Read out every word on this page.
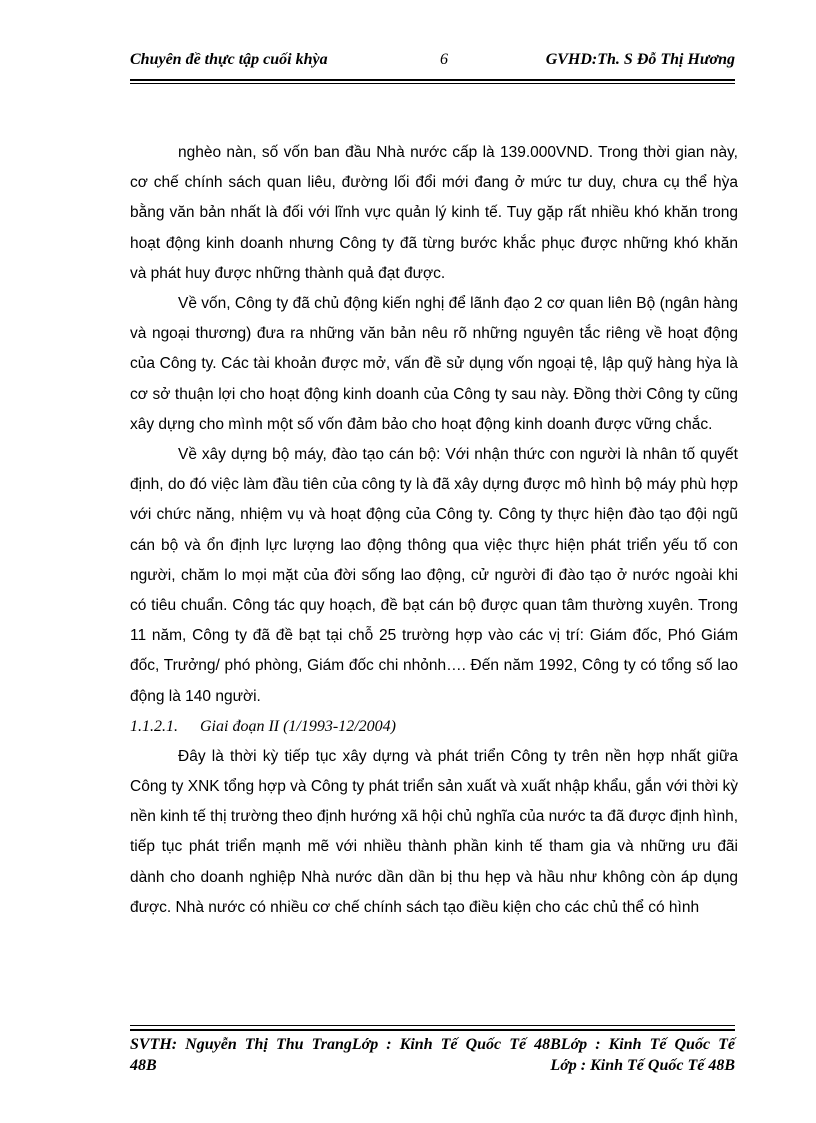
Chuyên đề thực tập cuối khỳa	6	GVHD:Th. S Đỗ Thị Hương

nghèo nàn, số vốn ban đầu Nhà nước cấp là 139.000VND. Trong thời gian này, cơ chế chính sách quan liêu, đường lối đổi mới đang ở mức tư duy, chưa cụ thể hỳa bằng văn bản nhất là đối với lĩnh vực quản lý kinh tế. Tuy gặp rất nhiều khó khăn trong hoạt động kinh doanh nhưng Công ty đã từng bước khắc phục được những khó khăn và phát huy được những thành quả đạt được.

Về vốn, Công ty đã chủ động kiến nghị để lãnh đạo 2 cơ quan liên Bộ (ngân hàng và ngoại thương) đưa ra những văn bản nêu rõ những nguyên tắc riêng về hoạt động của Công ty. Các tài khoản được mở, vấn đề sử dụng vốn ngoại tệ, lập quỹ hàng hỳa là cơ sở thuận lợi cho hoạt động kinh doanh của Công ty sau này. Đồng thời Công ty cũng xây dựng cho mình một số vốn đảm bảo cho hoạt động kinh doanh được vững chắc.

Về xây dựng bộ máy, đào tạo cán bộ: Với nhận thức con người là nhân tố quyết định, do đó việc làm đầu tiên của công ty là đã xây dựng được mô hình bộ máy phù hợp với chức năng, nhiệm vụ và hoạt động của Công ty. Công ty thực hiện đào tạo đội ngũ cán bộ và ổn định lực lượng lao động thông qua việc thực hiện phát triển yếu tố con người, chăm lo mọi mặt của đời sống lao động, cử người đi đào tạo ở nước ngoài khi có tiêu chuẩn. Công tác quy hoạch, đề bạt cán bộ được quan tâm thường xuyên. Trong 11 năm, Công ty đã đề bạt tại chỗ 25 trường hợp vào các vị trí: Giám đốc, Phó Giám đốc, Trưởng/ phó phòng, Giám đốc chi nhỏnh…. Đến năm 1992, Công ty có tổng số lao động là 140 người.

1.1.2.1. Giai đoạn II (1/1993-12/2004)

Đây là thời kỳ tiếp tục xây dựng và phát triển Công ty trên nền hợp nhất giữa Công ty XNK tổng hợp và Công ty phát triển sản xuất và xuất nhập khẩu, gắn với thời kỳ nền kinh tế thị trường theo định hướng xã hội chủ nghĩa của nước ta đã được định hình, tiếp tục phát triển mạnh mẽ với nhiều thành phần kinh tế tham gia và những ưu đãi dành cho doanh nghiệp Nhà nước dần dần bị thu hẹp và hầu như không còn áp dụng được. Nhà nước có nhiều cơ chế chính sách tạo điều kiện cho các chủ thể có hình

SVTH: Nguyễn Thị Thu TrangLớp : Kinh Tế Quốc Tế 48BLớp : Kinh Tế Quốc Tế
48B	Lớp : Kinh Tế Quốc Tế 48B
